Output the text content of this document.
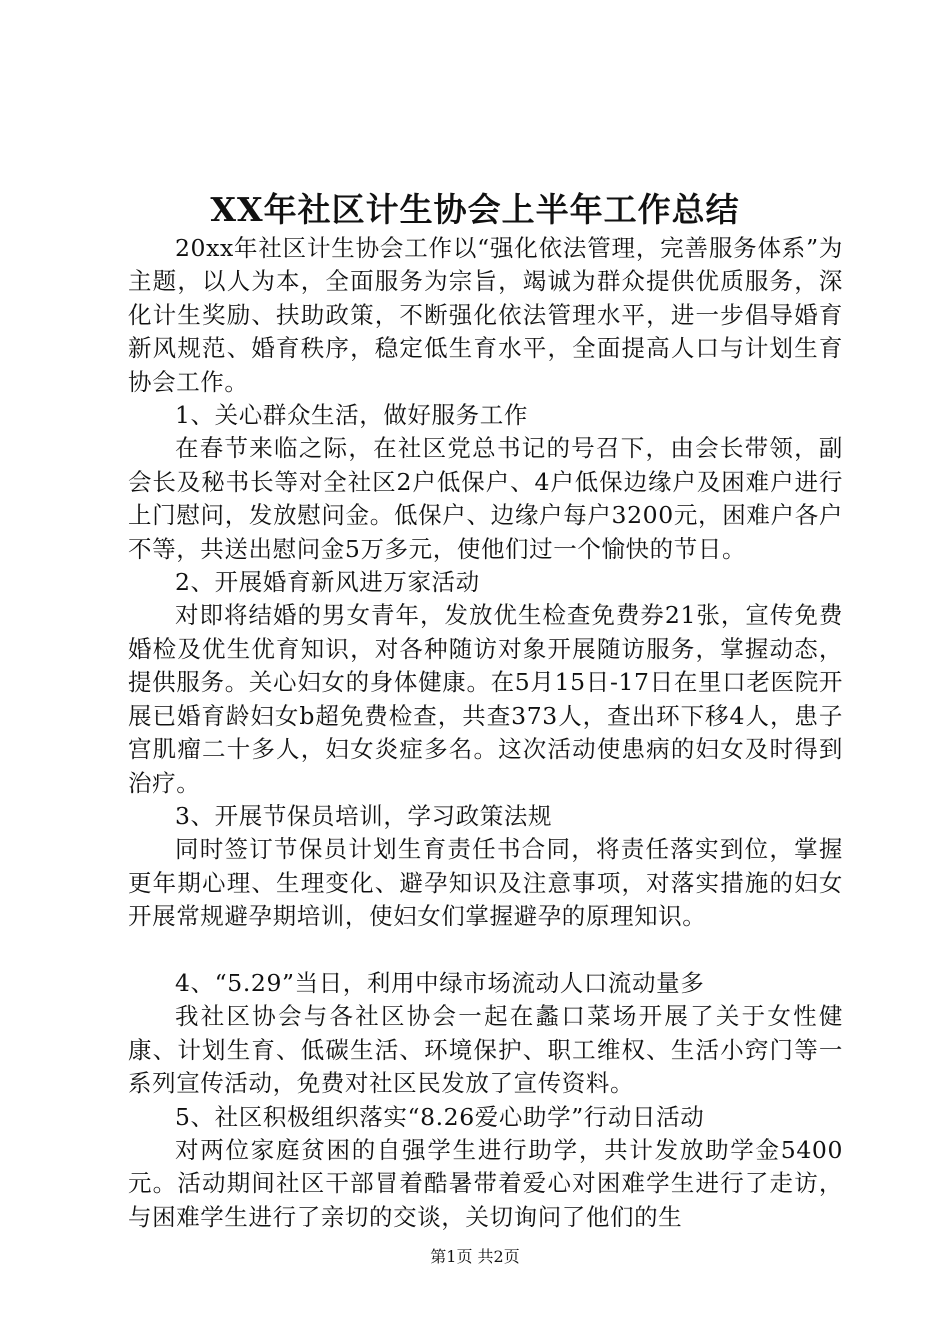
XX年社区计生协会上半年工作总结

20xx年社区计生协会工作以“强化依法管理，完善服务体系”为主题，以人为本，全面服务为宗旨，竭诚为群众提供优质服务，深化计生奖励、扶助政策，不断强化依法管理水平，进一步倡导婚育新风规范、婚育秩序，稳定低生育水平，全面提高人口与计划生育协会工作。

1、关心群众生活，做好服务工作

在春节来临之际，在社区党总书记的号召下，由会长带领，副会长及秘书长等对全社区2户低保户、4户低保边缘户及困难户进行上门慰问，发放慰问金。低保户、边缘户每户3200元，困难户各户不等，共送出慰问金5万多元，使他们过一个愉快的节日。

2、开展婚育新风进万家活动

对即将结婚的男女青年，发放优生检查免费券21张，宣传免费婚检及优生优育知识，对各种随访对象开展随访服务，掌握动态，提供服务。关心妇女的身体健康。在5月15日-17日在里口老医院开展已婚育龄妇女b超免费检查，共查373人，查出环下移4人，患子宫肌瘤二十多人，妇女炎症多名。这次活动使患病的妇女及时得到治疗。

3、开展节保员培训，学习政策法规

同时签订节保员计划生育责任书合同，将责任落实到位，掌握更年期心理、生理变化、避孕知识及注意事项，对落实措施的妇女开展常规避孕期培训，使妇女们掌握避孕的原理知识。

4、“5.29”当日，利用中绿市场流动人口流动量多

我社区协会与各社区协会一起在蠡口菜场开展了关于女性健康、计划生育、低碳生活、环境保护、职工维权、生活小窍门等一系列宣传活动，免费对社区民发放了宣传资料。

5、社区积极组织落实“8.26爱心助学”行动日活动

对两位家庭贫困的自强学生进行助学，共计发放助学金5400元。活动期间社区干部冒着酷暑带着爱心对困难学生进行了走访，与困难学生进行了亲切的交谈，关切询问了他们的生

第1页 共2页
